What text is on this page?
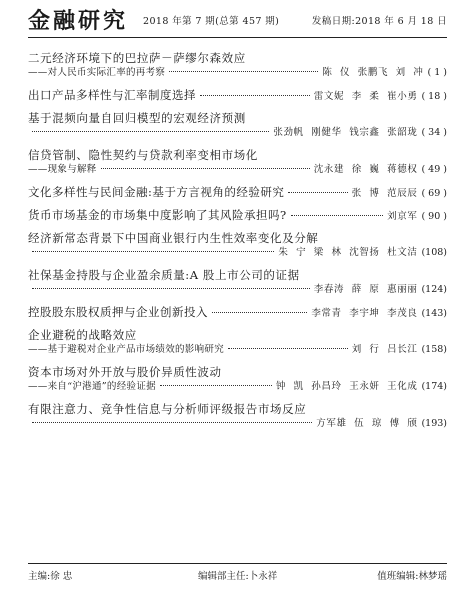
金融研究 2018 年第 7 期(总第 457 期)	发稿日期:2018 年 6 月 18 日
二元经济环境下的巴拉萨－萨缪尔森效应
——对人民币实际汇率的再考察	陈 仪 张鹏飞 刘 冲 ( 1 )
出口产品多样性与汇率制度选择	雷文妮 李 柔 崔小勇 ( 18 )
基于混频向量自回归模型的宏观经济预测
张劲帆 刚健华 钱宗鑫 张韶珑 ( 34 )
信贷管制、隐性契约与贷款利率变相市场化
——现象与解释	沈永建 徐 巍 蒋德权 ( 49 )
文化多样性与民间金融:基于方言视角的经验研究	张 博 范辰辰 ( 69 )
货币市场基金的市场集中度影响了其风险承担吗?	刘京军 ( 90 )
经济新常态背景下中国商业银行内生性效率变化及分解
朱 宁 梁 林 沈智扬 杜文洁 (108)
社保基金持股与企业盈余质量:A 股上市公司的证据
李春涛 薛 原 惠丽丽 (124)
控股股东股权质押与企业创新投入	李常青 李宇坤 李茂良 (143)
企业避税的战略效应
——基于避税对企业产品市场绩效的影响研究	刘 行 吕长江 (158)
资本市场对外开放与股价异质性波动
——来自“沪港通”的经验证据	钟 凯 孙昌玲 王永妍 王化成 (174)
有限注意力、竞争性信息与分析师评级报告市场反应
方军雄 伍 琼 傅 颀 (193)
主编:徐 忠	编辑部主任:卜永祥	值班编辑:林梦瑶
